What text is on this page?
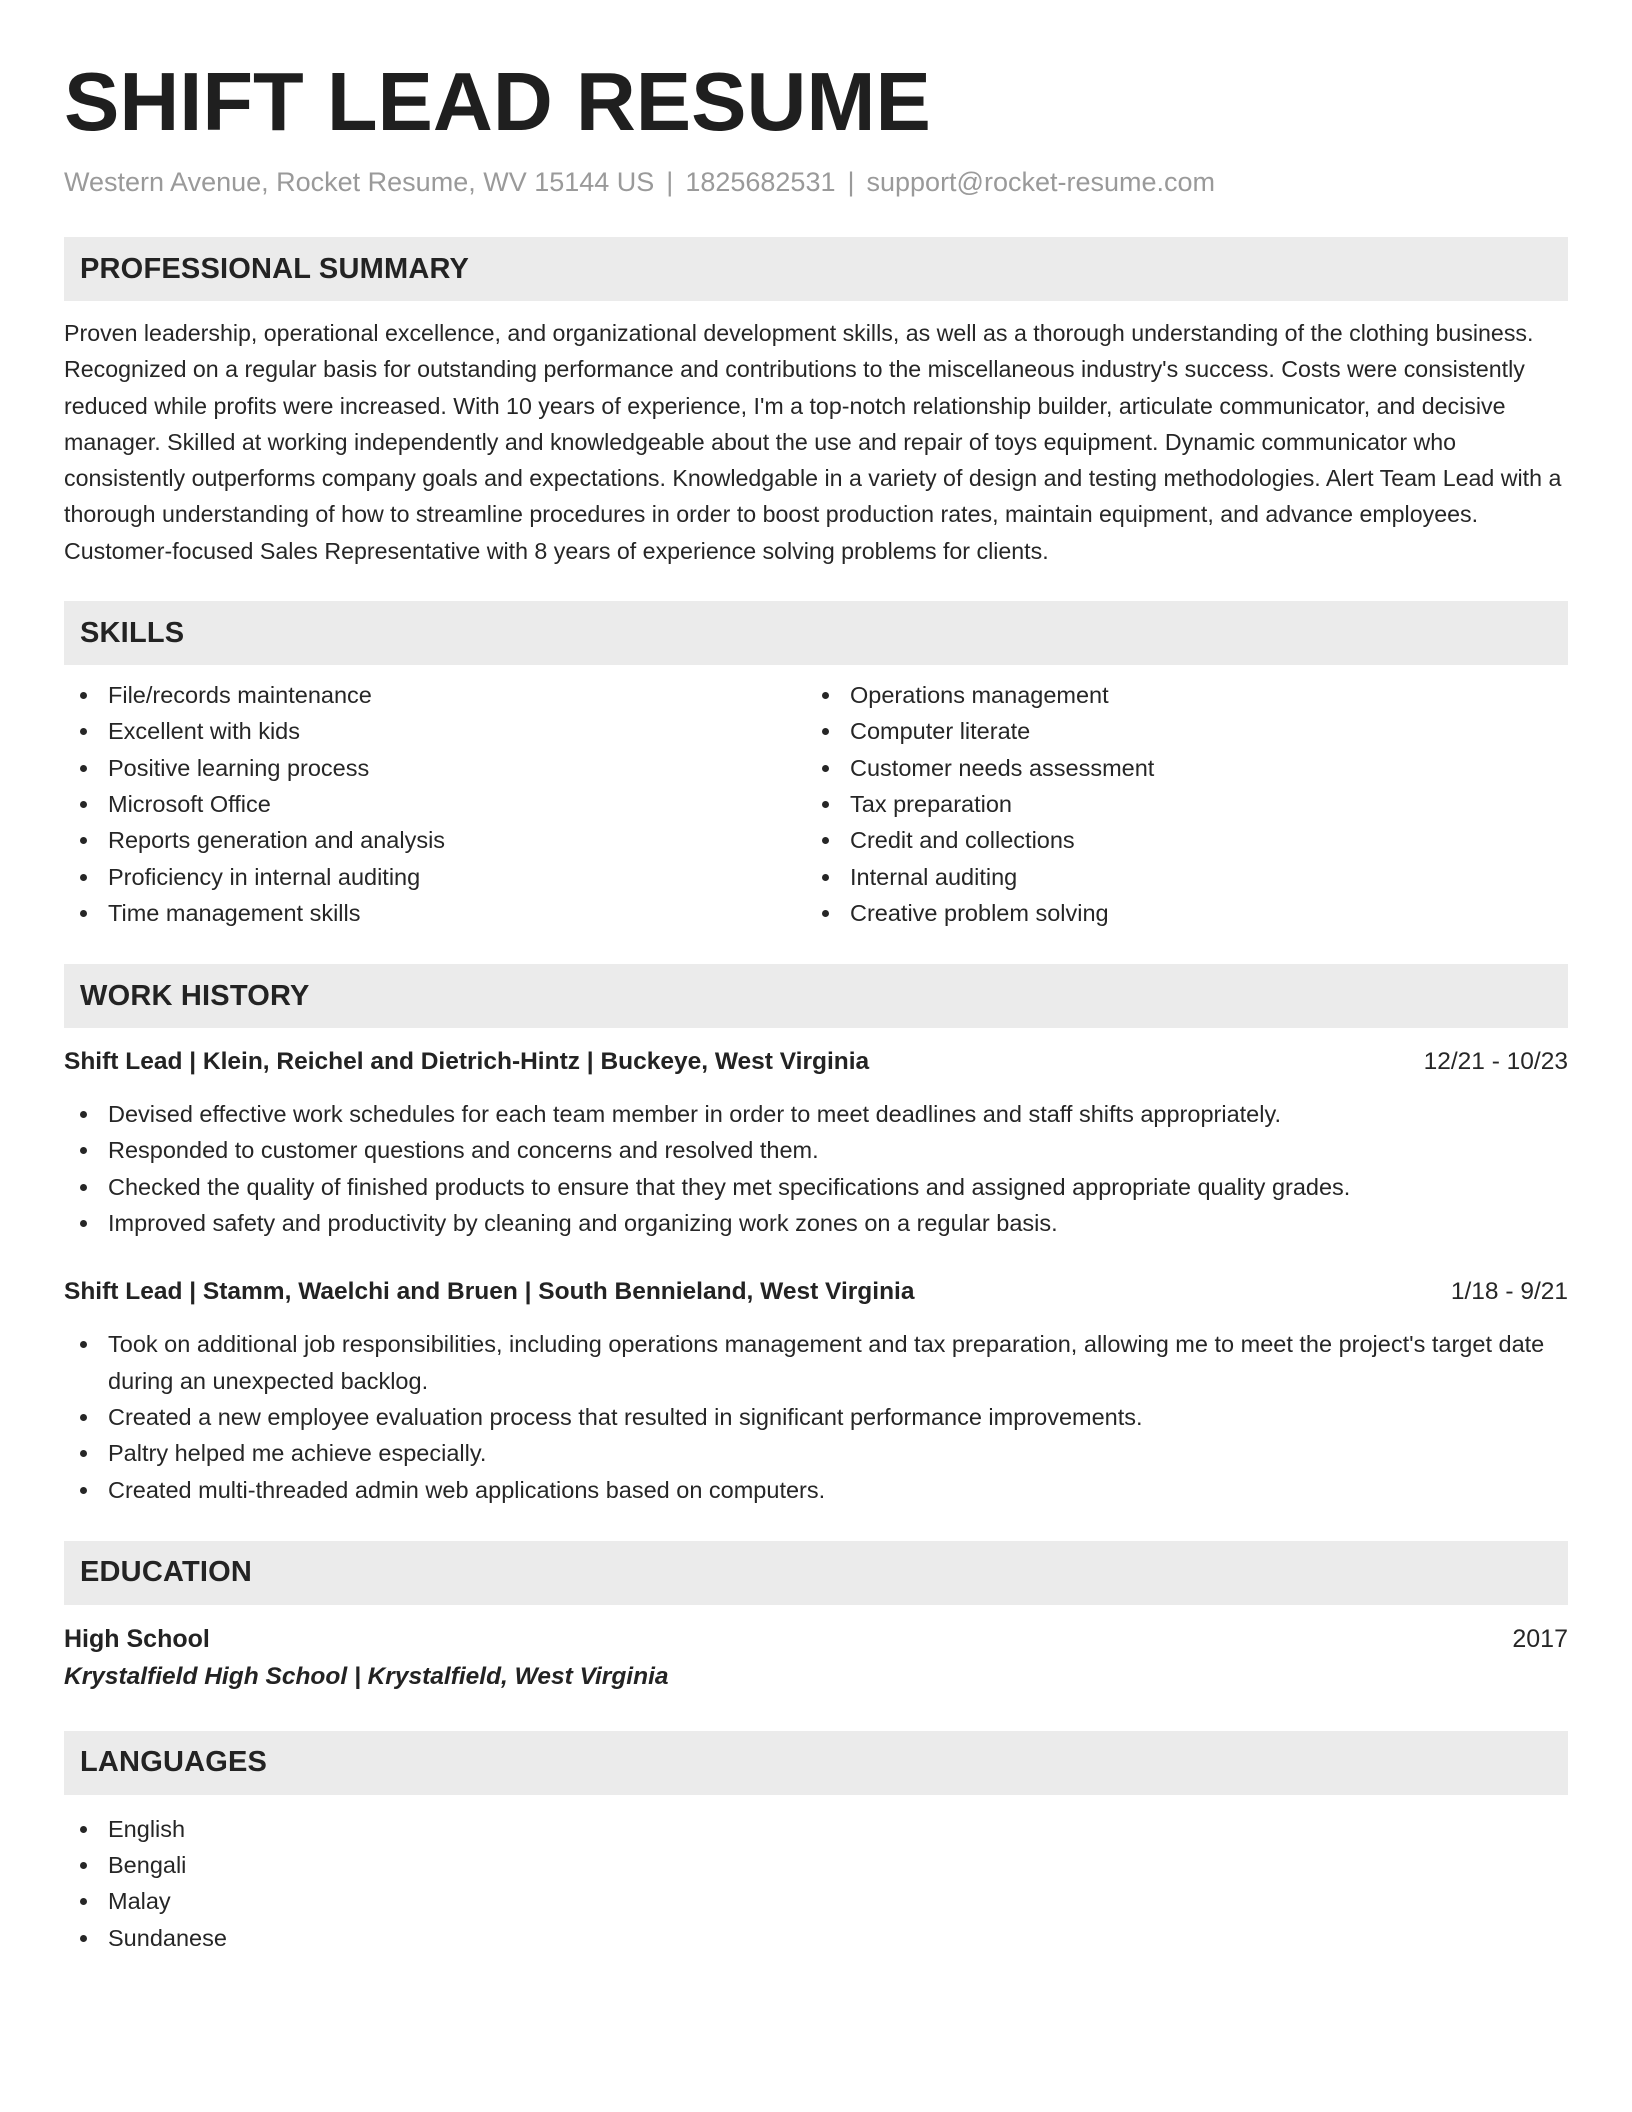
SHIFT LEAD RESUME
Western Avenue, Rocket Resume, WV 15144 US | 1825682531 | support@rocket-resume.com
PROFESSIONAL SUMMARY
Proven leadership, operational excellence, and organizational development skills, as well as a thorough understanding of the clothing business. Recognized on a regular basis for outstanding performance and contributions to the miscellaneous industry's success. Costs were consistently reduced while profits were increased. With 10 years of experience, I'm a top-notch relationship builder, articulate communicator, and decisive manager. Skilled at working independently and knowledgeable about the use and repair of toys equipment. Dynamic communicator who consistently outperforms company goals and expectations. Knowledgable in a variety of design and testing methodologies. Alert Team Lead with a thorough understanding of how to streamline procedures in order to boost production rates, maintain equipment, and advance employees. Customer-focused Sales Representative with 8 years of experience solving problems for clients.
SKILLS
File/records maintenance
Excellent with kids
Positive learning process
Microsoft Office
Reports generation and analysis
Proficiency in internal auditing
Time management skills
Operations management
Computer literate
Customer needs assessment
Tax preparation
Credit and collections
Internal auditing
Creative problem solving
WORK HISTORY
Shift Lead | Klein, Reichel and Dietrich-Hintz | Buckeye, West Virginia	12/21 - 10/23
Devised effective work schedules for each team member in order to meet deadlines and staff shifts appropriately.
Responded to customer questions and concerns and resolved them.
Checked the quality of finished products to ensure that they met specifications and assigned appropriate quality grades.
Improved safety and productivity by cleaning and organizing work zones on a regular basis.
Shift Lead | Stamm, Waelchi and Bruen | South Bennieland, West Virginia	1/18 - 9/21
Took on additional job responsibilities, including operations management and tax preparation, allowing me to meet the project's target date during an unexpected backlog.
Created a new employee evaluation process that resulted in significant performance improvements.
Paltry helped me achieve especially.
Created multi-threaded admin web applications based on computers.
EDUCATION
High School	2017
Krystalfield High School | Krystalfield, West Virginia
LANGUAGES
English
Bengali
Malay
Sundanese
